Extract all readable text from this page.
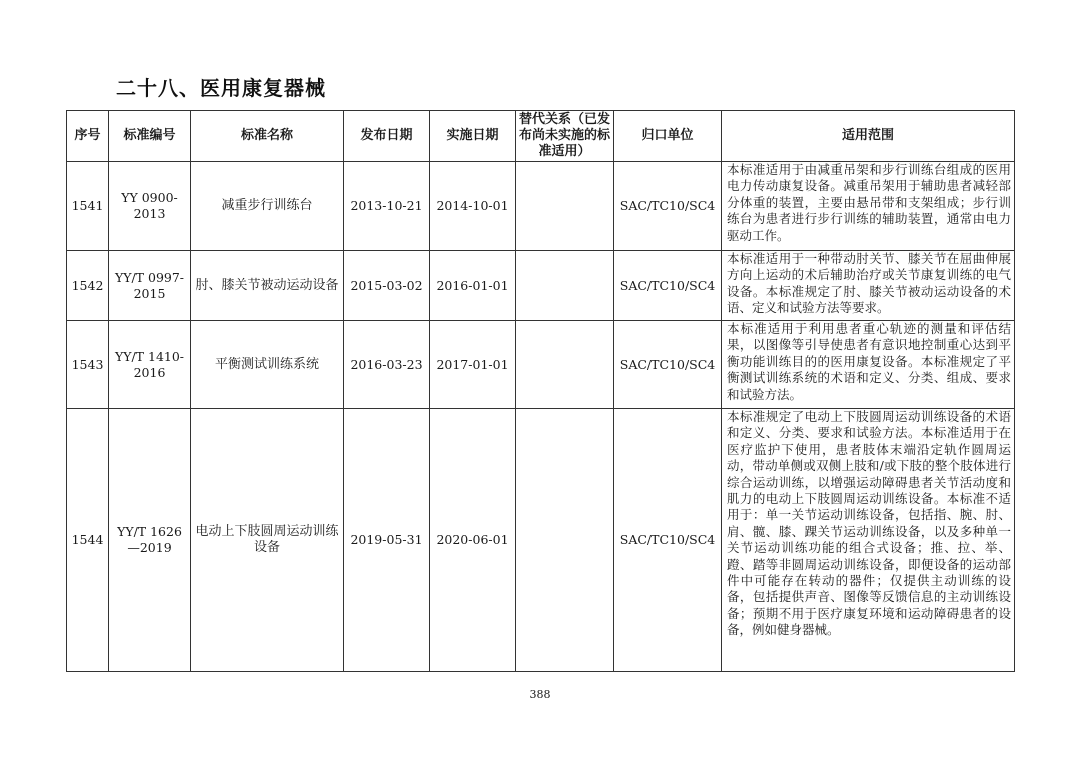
二十八、医用康复器械
序号	标准编号	标准名称	发布日期	实施日期	替代关系（已发布尚未实施的标准适用）	归口单位	适用范围
1541	YY 0900-2013	减重步行训练台	2013-10-21	2014-10-01		SAC/TC10/SC4	本标准适用于由减重吊架和步行训练台组成的医用电力传动康复设备。减重吊架用于辅助患者减轻部分体重的装置，主要由悬吊带和支架组成；步行训练台为患者进行步行训练的辅助装置，通常由电力驱动工作。
1542	YY/T 0997-2015	肘、膝关节被动运动设备	2015-03-02	2016-01-01		SAC/TC10/SC4	本标准适用于一种带动肘关节、膝关节在屈曲伸展方向上运动的术后辅助治疗或关节康复训练的电气设备。本标准规定了肘、膝关节被动运动设备的术语、定义和试验方法等要求。
1543	YY/T 1410-2016	平衡测试训练系统	2016-03-23	2017-01-01		SAC/TC10/SC4	本标准适用于利用患者重心轨迹的测量和评估结果，以图像等引导使患者有意识地控制重心达到平衡功能训练目的的医用康复设备。本标准规定了平衡测试训练系统的术语和定义、分类、组成、要求和试验方法。
1544	YY/T 1626—2019	电动上下肢圆周运动训练设备	2019-05-31	2020-06-01		SAC/TC10/SC4	本标准规定了电动上下肢圆周运动训练设备的术语和定义、分类、要求和试验方法。本标准适用于在医疗监护下使用，患者肢体末端沿定轨作圆周运动，带动单侧或双侧上肢和/或下肢的整个肢体进行综合运动训练，以增强运动障碍患者关节活动度和肌力的电动上下肢圆周运动训练设备。本标准不适用于：单一关节运动训练设备，包括指、腕、肘、肩、髋、膝、踝关节运动训练设备，以及多种单一关节运动训练功能的组合式设备；推、拉、举、蹬、踏等非圆周运动训练设备，即便设备的运动部件中可能存在转动的器件；仅提供主动训练的设备，包括提供声音、图像等反馈信息的主动训练设备；预期不用于医疗康复环境和运动障碍患者的设备，例如健身器械。
388
